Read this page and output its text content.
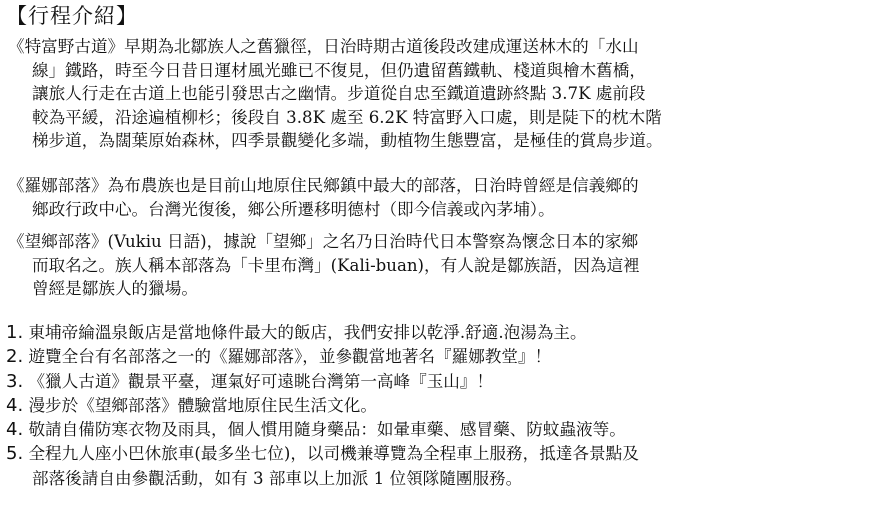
【行程介紹】
《特富野古道》早期為北鄒族人之舊獵徑，日治時期古道後段改建成運送林木的「水山
線」鐵路，時至今日昔日運材風光雖已不復見，但仍遺留舊鐵軌、棧道與檜木舊橋，
讓旅人行走在古道上也能引發思古之幽情。步道從自忠至鐵道遺跡終點 3.7K 處前段
較為平緩，沿途遍植柳杉；後段自 3.8K 處至 6.2K 特富野入口處，則是陡下的枕木階
梯步道，為闊葉原始森林，四季景觀變化多端，動植物生態豐富，是極佳的賞鳥步道。
《羅娜部落》為布農族也是目前山地原住民鄉鎮中最大的部落，日治時曾經是信義鄉的
鄉政行政中心。台灣光復後，鄉公所遷移明德村（即今信義或內茅埔）。
《望鄉部落》(Vukiu 日語)，據說「望鄉」之名乃日治時代日本警察為懷念日本的家鄉
而取名之。族人稱本部落為「卡里布灣」(Kali-buan)，有人說是鄒族語，因為這裡
曾經是鄒族人的獵場。
1. 東埔帝綸溫泉飯店是當地條件最大的飯店，我們安排以乾淨.舒適.泡湯為主。
2. 遊覽全台有名部落之一的《羅娜部落》，並參觀當地著名『羅娜教堂』！
3. 《獵人古道》觀景平臺，運氣好可遠眺台灣第一高峰『玉山』！
4. 漫步於《望鄉部落》體驗當地原住民生活文化。
4. 敬請自備防寒衣物及雨具，個人慣用隨身藥品：如暈車藥、感冒藥、防蚊蟲液等。
5. 全程九人座小巴休旅車(最多坐七位)，以司機兼導覽為全程車上服務，抵達各景點及
部落後請自由參觀活動，如有 3 部車以上加派 1 位領隊隨團服務。
